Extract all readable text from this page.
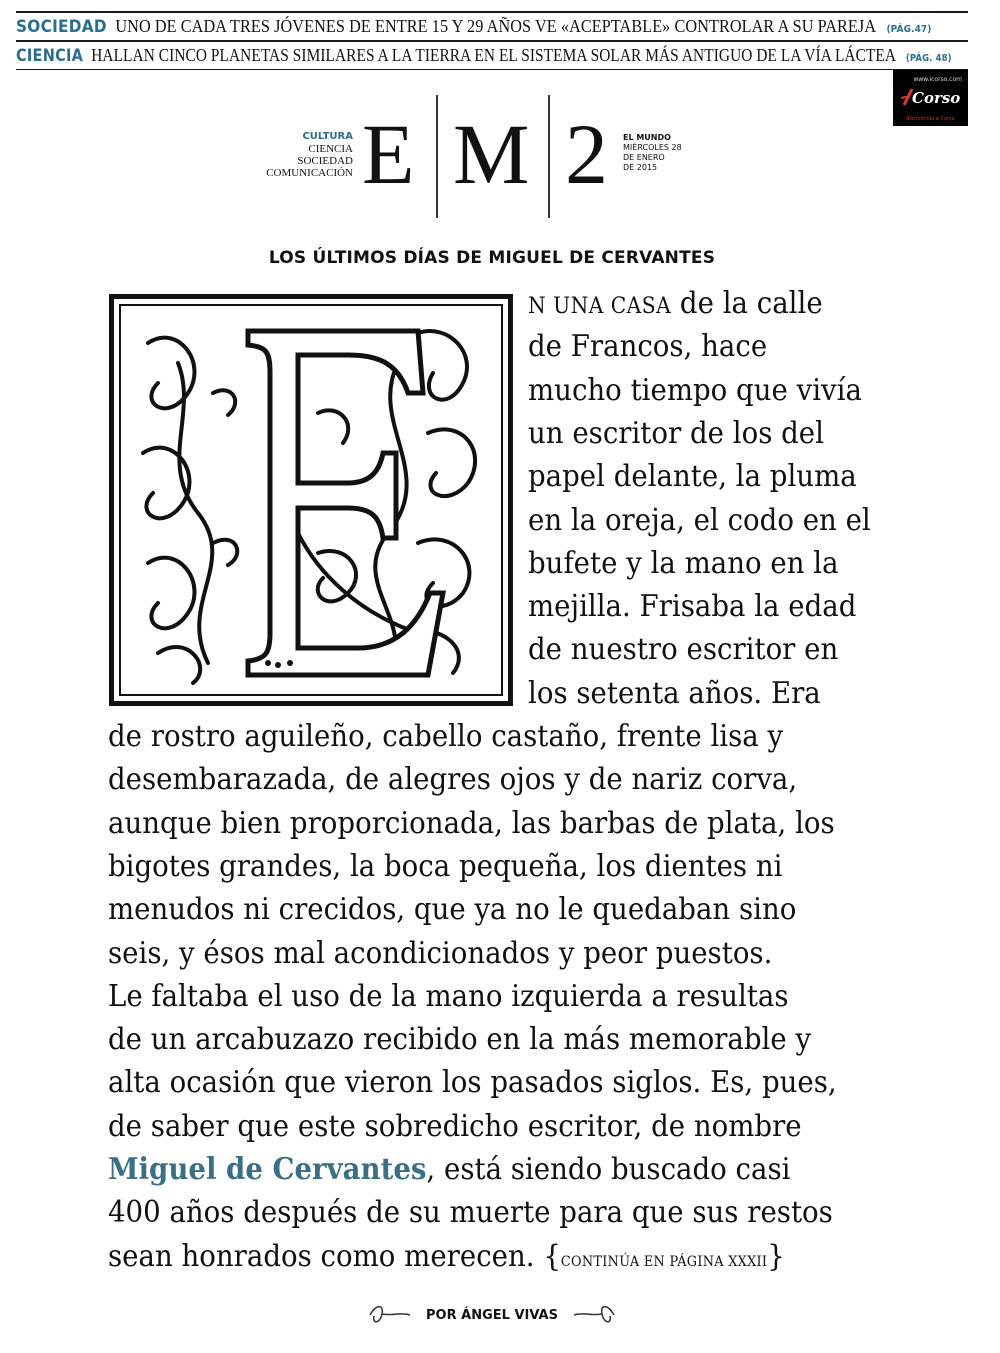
SOCIEDAD UNO DE CADA TRES JÓVENES DE ENTRE 15 Y 29 AÑOS VE «ACEPTABLE» CONTROLAR A SU PAREJA (PÁG.47)
CIENCIA HALLAN CINCO PLANETAS SIMILARES A LA TIERRA EN EL SISTEMA SOLAR MÁS ANTIGUO DE LA VÍA LÁCTEA (PÁG. 48)
www.icorso.com
Corso
Bienvenido a Corso
CULTURA
CIENCIA
SOCIEDAD
COMUNICACIÓN E M 2 EL MUNDO
MIÉRCOLES 28
DE ENERO
DE 2015
LOS ÚLTIMOS DÍAS DE MIGUEL DE CERVANTES
N UNA CASA de la calle
de Francos, hace
mucho tiempo que vivía
un escritor de los del
papel delante, la pluma
en la oreja, el codo en el
bufete y la mano en la
mejilla. Frisaba la edad
de nuestro escritor en
los setenta años. Era
de rostro aguileño, cabello castaño, frente lisa y
desembarazada, de alegres ojos y de nariz corva,
aunque bien proporcionada, las barbas de plata, los
bigotes grandes, la boca pequeña, los dientes ni
menudos ni crecidos, que ya no le quedaban sino
seis, y ésos mal acondicionados y peor puestos.
Le faltaba el uso de la mano izquierda a resultas
de un arcabuzazo recibido en la más memorable y
alta ocasión que vieron los pasados siglos. Es, pues,
de saber que este sobredicho escritor, de nombre
Miguel de Cervantes, está siendo buscado casi
400 años después de su muerte para que sus restos
sean honrados como merecen. {CONTINÚA EN PÁGINA XXXII}
POR ÁNGEL VIVAS
